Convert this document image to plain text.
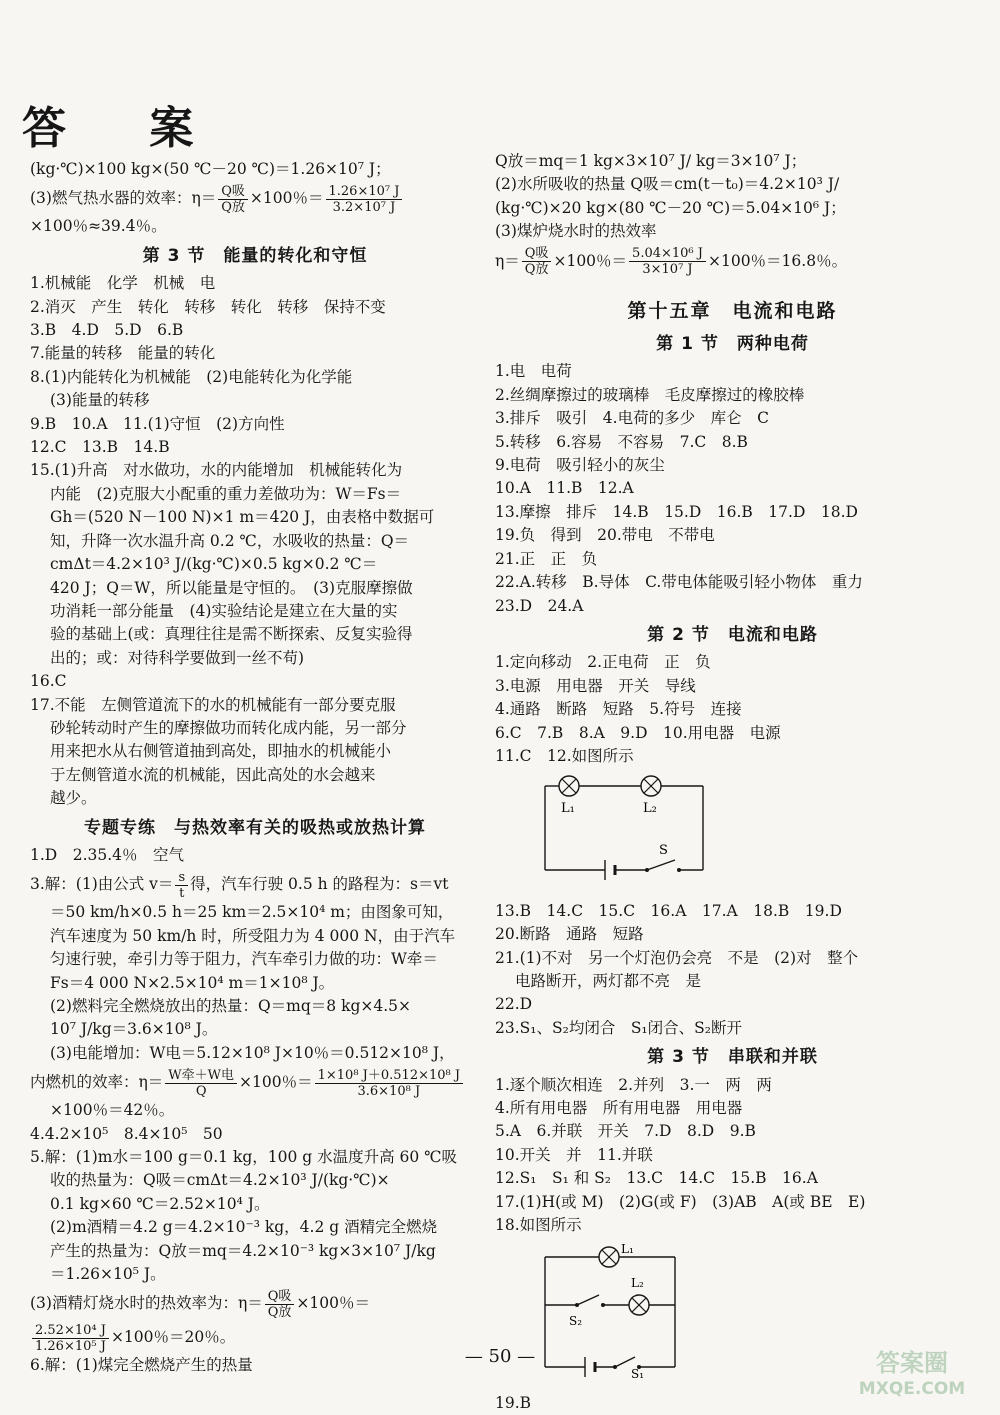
答 案
(kg·℃)×100 kg×(50 ℃－20 ℃)＝1.26×10⁷ J；
(3)燃气热水器的效率：$\eta= \frac{\text{Q吸}}{\text{Q放}} \times 100$％＝ $\frac{\text{1.26×10⁷ J}}{\text{3.2×10⁷ J}}$
×100％≈39.4％。
第 3 节　能量的转化和守恒
1.机械能　化学　机械　电
2.消灭　产生　转化　转移　转化　转移　保持不变
3.B　4.D　5.D　6.B
7.能量的转移　能量的转化
8.(1)内能转化为机械能　(2)电能转化为化学能
(3)能量的转移
9.B　10.A　11.(1)守恒　(2)方向性
12.C　13.B　14.B
15.(1)升高　对水做功，水的内能增加　机械能转化为
内能　(2)克服大小配重的重力差做功为：W＝Fs＝
Gh＝(520 N－100 N)×1 m＝420 J，由表格中数据可
知，升降一次水温升高 0.2 ℃，水吸收的热量：Q＝
cmΔt＝4.2×10³ J/(kg·℃)×0.5 kg×0.2 ℃＝
420 J；Q＝W，所以能量是守恒的。　(3)克服摩擦做
功消耗一部分能量　(4)实验结论是建立在大量的实
验的基础上(或：真理往往是需不断探索、反复实验得
出的；或：对待科学要做到一丝不苟)
16.C
17.不能　左侧管道流下的水的机械能有一部分要克服
砂轮转动时产生的摩擦做功而转化成内能，另一部分
用来把水从右侧管道抽到高处，即抽水的机械能小
于左侧管道水流的机械能，因此高处的水会越来
越少。
专题专练　与热效率有关的吸热或放热计算
1.D　2.35.4％　空气
3.解：(1)由公式 $v= \frac{s}{t}$ 得，汽车行驶 0.5 h 的路程为：s＝vt
＝50 km/h×0.5 h＝25 km＝2.5×10⁴ m；由图象可知，
汽车速度为 50 km/h 时，所受阻力为 4 000 N，由于汽车
匀速行驶，牵引力等于阻力，汽车牵引力做的功：W牵＝
Fs＝4 000 N×2.5×10⁴ m＝1×10⁸ J。
(2)燃料完全燃烧放出的热量：Q＝mq＝8 kg×4.5×
10⁷ J/kg＝3.6×10⁸ J。
(3)电能增加：W电＝5.12×10⁸ J×10％＝0.512×10⁸ J，
内燃机的效率：$\eta= \frac{\text{W牵＋W电}}{Q} \times 100$％＝ $\frac{\text{1×10⁸ J＋0.512×10⁸ J}}{\text{3.6×10⁸ J}}$
×100％＝42％。
4.4.2×10⁵　8.4×10⁵　50
5.解：(1)m水＝100 g＝0.1 kg，100 g 水温度升高 60 ℃吸
收的热量为：Q吸＝cmΔt＝4.2×10³ J/(kg·℃)×
0.1 kg×60 ℃＝2.52×10⁴ J。
(2)m酒精＝4.2 g＝4.2×10⁻³ kg，4.2 g 酒精完全燃烧
产生的热量为：Q放＝mq＝4.2×10⁻³ kg×3×10⁷ J/kg
＝1.26×10⁵ J。
(3)酒精灯烧水时的热效率为：$\eta= \frac{\text{Q吸}}{\text{Q放}} \times 100$％＝
$\frac{\text{2.52×10⁴ J}}{\text{1.26×10⁵ J}} \times 100$％＝20％。
6.解：(1)煤完全燃烧产生的热量
Q放＝mq＝1 kg×3×10⁷ J/ kg＝3×10⁷ J；
(2)水所吸收的热量 Q吸＝cm(t－t₀)＝4.2×10³ J/
(kg·℃)×20 kg×(80 ℃－20 ℃)＝5.04×10⁶ J；
(3)煤炉烧水时的热效率
$\eta= \frac{\text{Q吸}}{\text{Q放}} \times 100$％＝ $\frac{\text{5.04×10⁶ J}}{\text{3×10⁷ J}} \times 100$％＝16.8％。
第十五章　电流和电路
第 1 节　两种电荷
1.电　电荷
2.丝绸摩擦过的玻璃棒　毛皮摩擦过的橡胶棒
3.排斥　吸引　4.电荷的多少　库仑　C
5.转移　6.容易　不容易　7.C　8.B
9.电荷　吸引轻小的灰尘
10.A　11.B　12.A
13.摩擦　排斥　14.B　15.D　16.B　17.D　18.D
19.负　得到　20.带电　不带电
21.正　正　负
22.A.转移　B.导体　C.带电体能吸引轻小物体　重力
23.D　24.A
第 2 节　电流和电路
1.定向移动　2.正电荷　正　负
3.电源　用电器　开关　导线
4.通路　断路　短路　5.符号　连接
6.C　7.B　8.A　9.D　10.用电器　电源
11.C　12.如图所示
L₁	L₂
S
13.B　14.C　15.C　16.A　17.A　18.B　19.D
20.断路　通路　短路
21.(1)不对　另一个灯泡仍会亮　不是　(2)对　整个
电路断开，两灯都不亮　是
22.D
23.S₁、S₂均闭合　S₁闭合、S₂断开
第 3 节　串联和并联
1.逐个顺次相连　2.并列　3.一　两　两
4.所有用电器　所有用电器　用电器
5.A　6.并联　开关　7.D　8.D　9.B
10.开关　并　11.并联
12.S₁　S₁ 和 S₂　13.C　14.C　15.B　16.A
17.(1)H(或 M)　(2)G(或 F)　(3)AB　A(或 BE　E)
18.如图所示
L₁
L₂
S₂
S₁
19.B
— 50 —	答案圈
MXQE.COM
